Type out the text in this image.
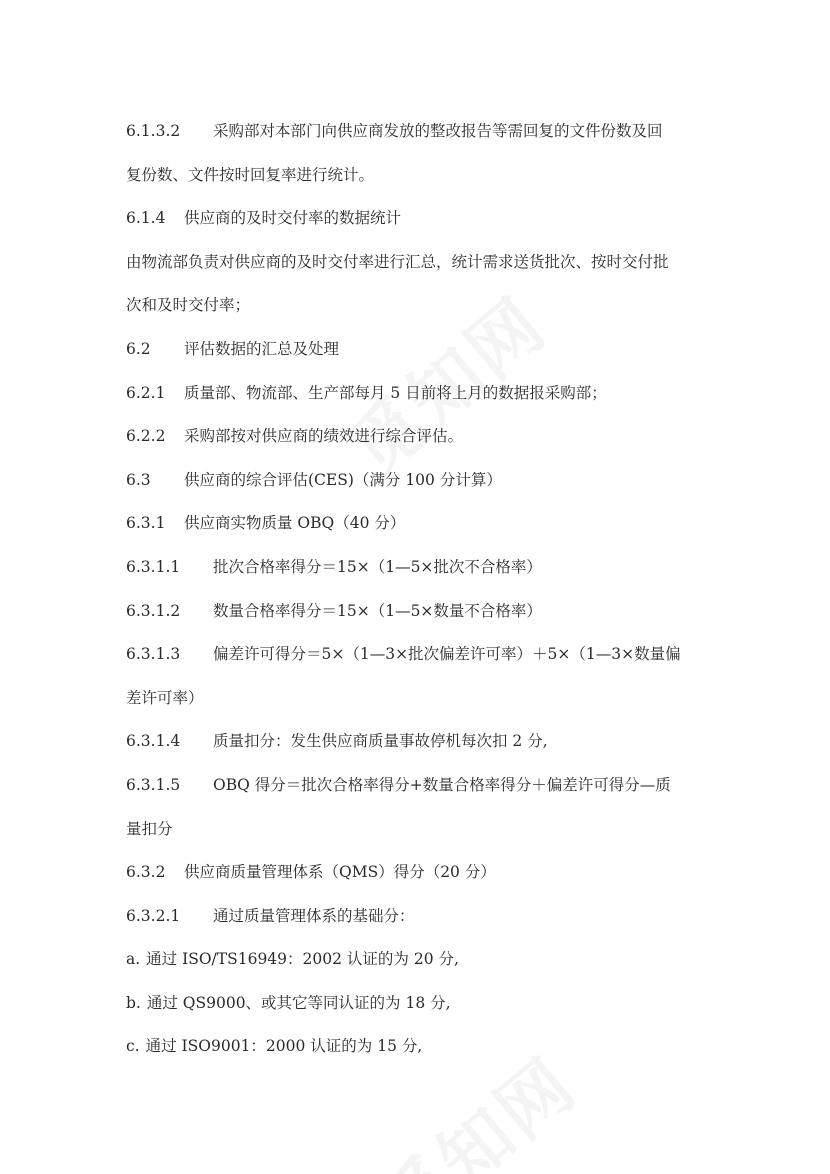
6.1.3.2 采购部对本部门向供应商发放的整改报告等需回复的文件份数及回
复份数、文件按时回复率进行统计。
6.1.4 供应商的及时交付率的数据统计
由物流部负责对供应商的及时交付率进行汇总，统计需求送货批次、按时交付批
次和及时交付率；
6.2 评估数据的汇总及处理
6.2.1 质量部、物流部、生产部每月 5 日前将上月的数据报采购部；
6.2.2 采购部按对供应商的绩效进行综合评估。
6.3 供应商的综合评估(CES)（满分 100 分计算）
6.3.1 供应商实物质量 OBQ（40 分）
6.3.1.1 批次合格率得分＝15×（1—5×批次不合格率）
6.3.1.2 数量合格率得分＝15×（1—5×数量不合格率）
6.3.1.3 偏差许可得分＝5×（1—3×批次偏差许可率）＋5×（1—3×数量偏
差许可率）
6.3.1.4 质量扣分：发生供应商质量事故停机每次扣 2 分,
6.3.1.5 OBQ 得分＝批次合格率得分+数量合格率得分＋偏差许可得分—质
量扣分
6.3.2 供应商质量管理体系（QMS）得分（20 分）
6.3.2.1 通过质量管理体系的基础分：
a. 通过 ISO/TS16949：2002 认证的为 20 分,
b. 通过 QS9000、或其它等同认证的为 18 分,
c. 通过 ISO9001：2000 认证的为 15 分,
